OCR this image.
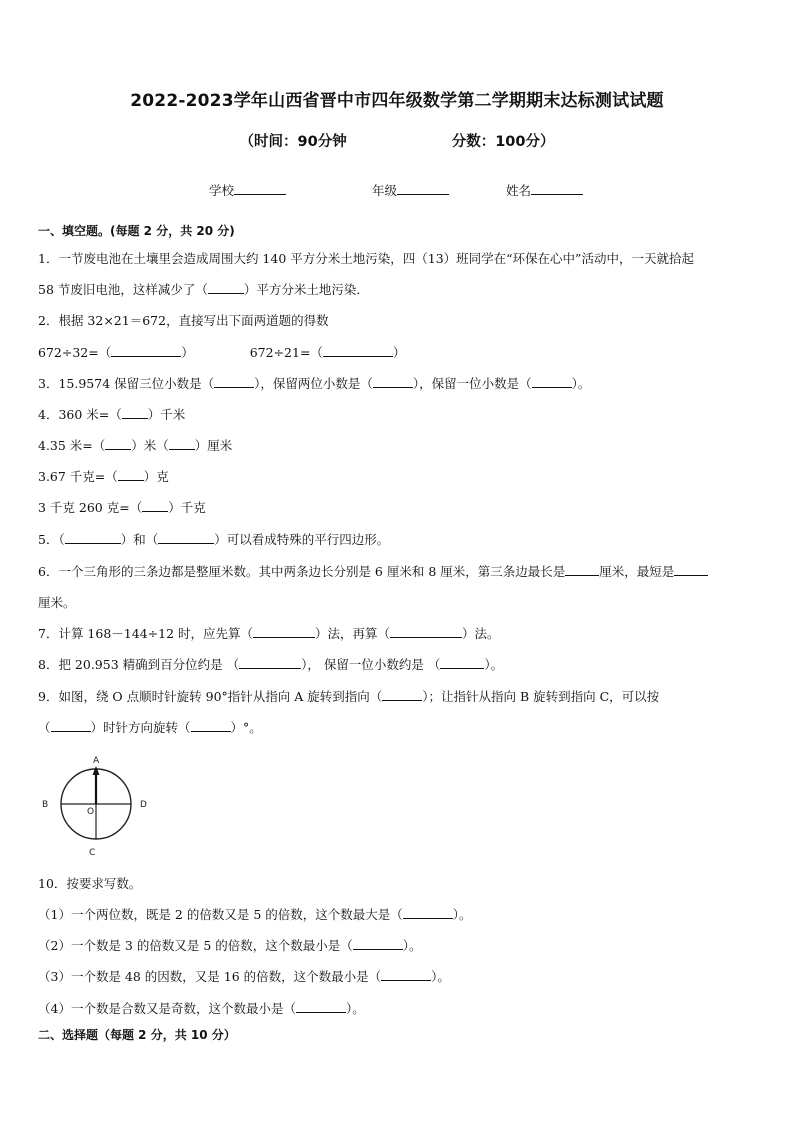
2022-2023学年山西省晋中市四年级数学第二学期期末达标测试试题
（时间：90分钟	分数：100分）
学校	年级	姓名
一、填空题。(每题 2 分，共 20 分)
1．一节废电池在土壤里会造成周围大约 140 平方分米土地污染，四（13）班同学在“环保在心中”活动中，一天就拾起
58 节废旧电池，这样减少了（	）平方分米土地污染．
2．根据 32×21＝672，直接写出下面两道题的得数
672÷32=（	）	672÷21=（	）
3．15.9574 保留三位小数是（	），保留两位小数是（	），保留一位小数是（	）。
4．360 米=（ ）千米
4.35 米=（ ）米（ ）厘米
3.67 千克=（ ）克
3 千克 260 克=（ ）千克
5．（	）和（	）可以看成特殊的平行四边形。
6．一个三角形的三条边都是整厘米数。其中两条边长分别是 6 厘米和 8 厘米，第三条边最长是	厘米，最短是
厘米。
7．计算 168－144÷12 时，应先算（	）法，再算（	）法。
8．把 20.953 精确到百分位约是 （	）， 保留一位小数约是 （	）。
9．如图，绕 O 点顺时针旋转 90°指针从指向 A 旋转到指向（	）；让指针从指向 B 旋转到指向 C，可以按
（	）时针方向旋转（	）°。
A
B
C
D
O
10．按要求写数。
（1）一个两位数，既是 2 的倍数又是 5 的倍数，这个数最大是（	）。
（2）一个数是 3 的倍数又是 5 的倍数，这个数最小是（	）。
（3）一个数是 48 的因数，又是 16 的倍数，这个数最小是（	）。
（4）一个数是合数又是奇数，这个数最小是（	）。
二、选择题（每题 2 分，共 10 分）
